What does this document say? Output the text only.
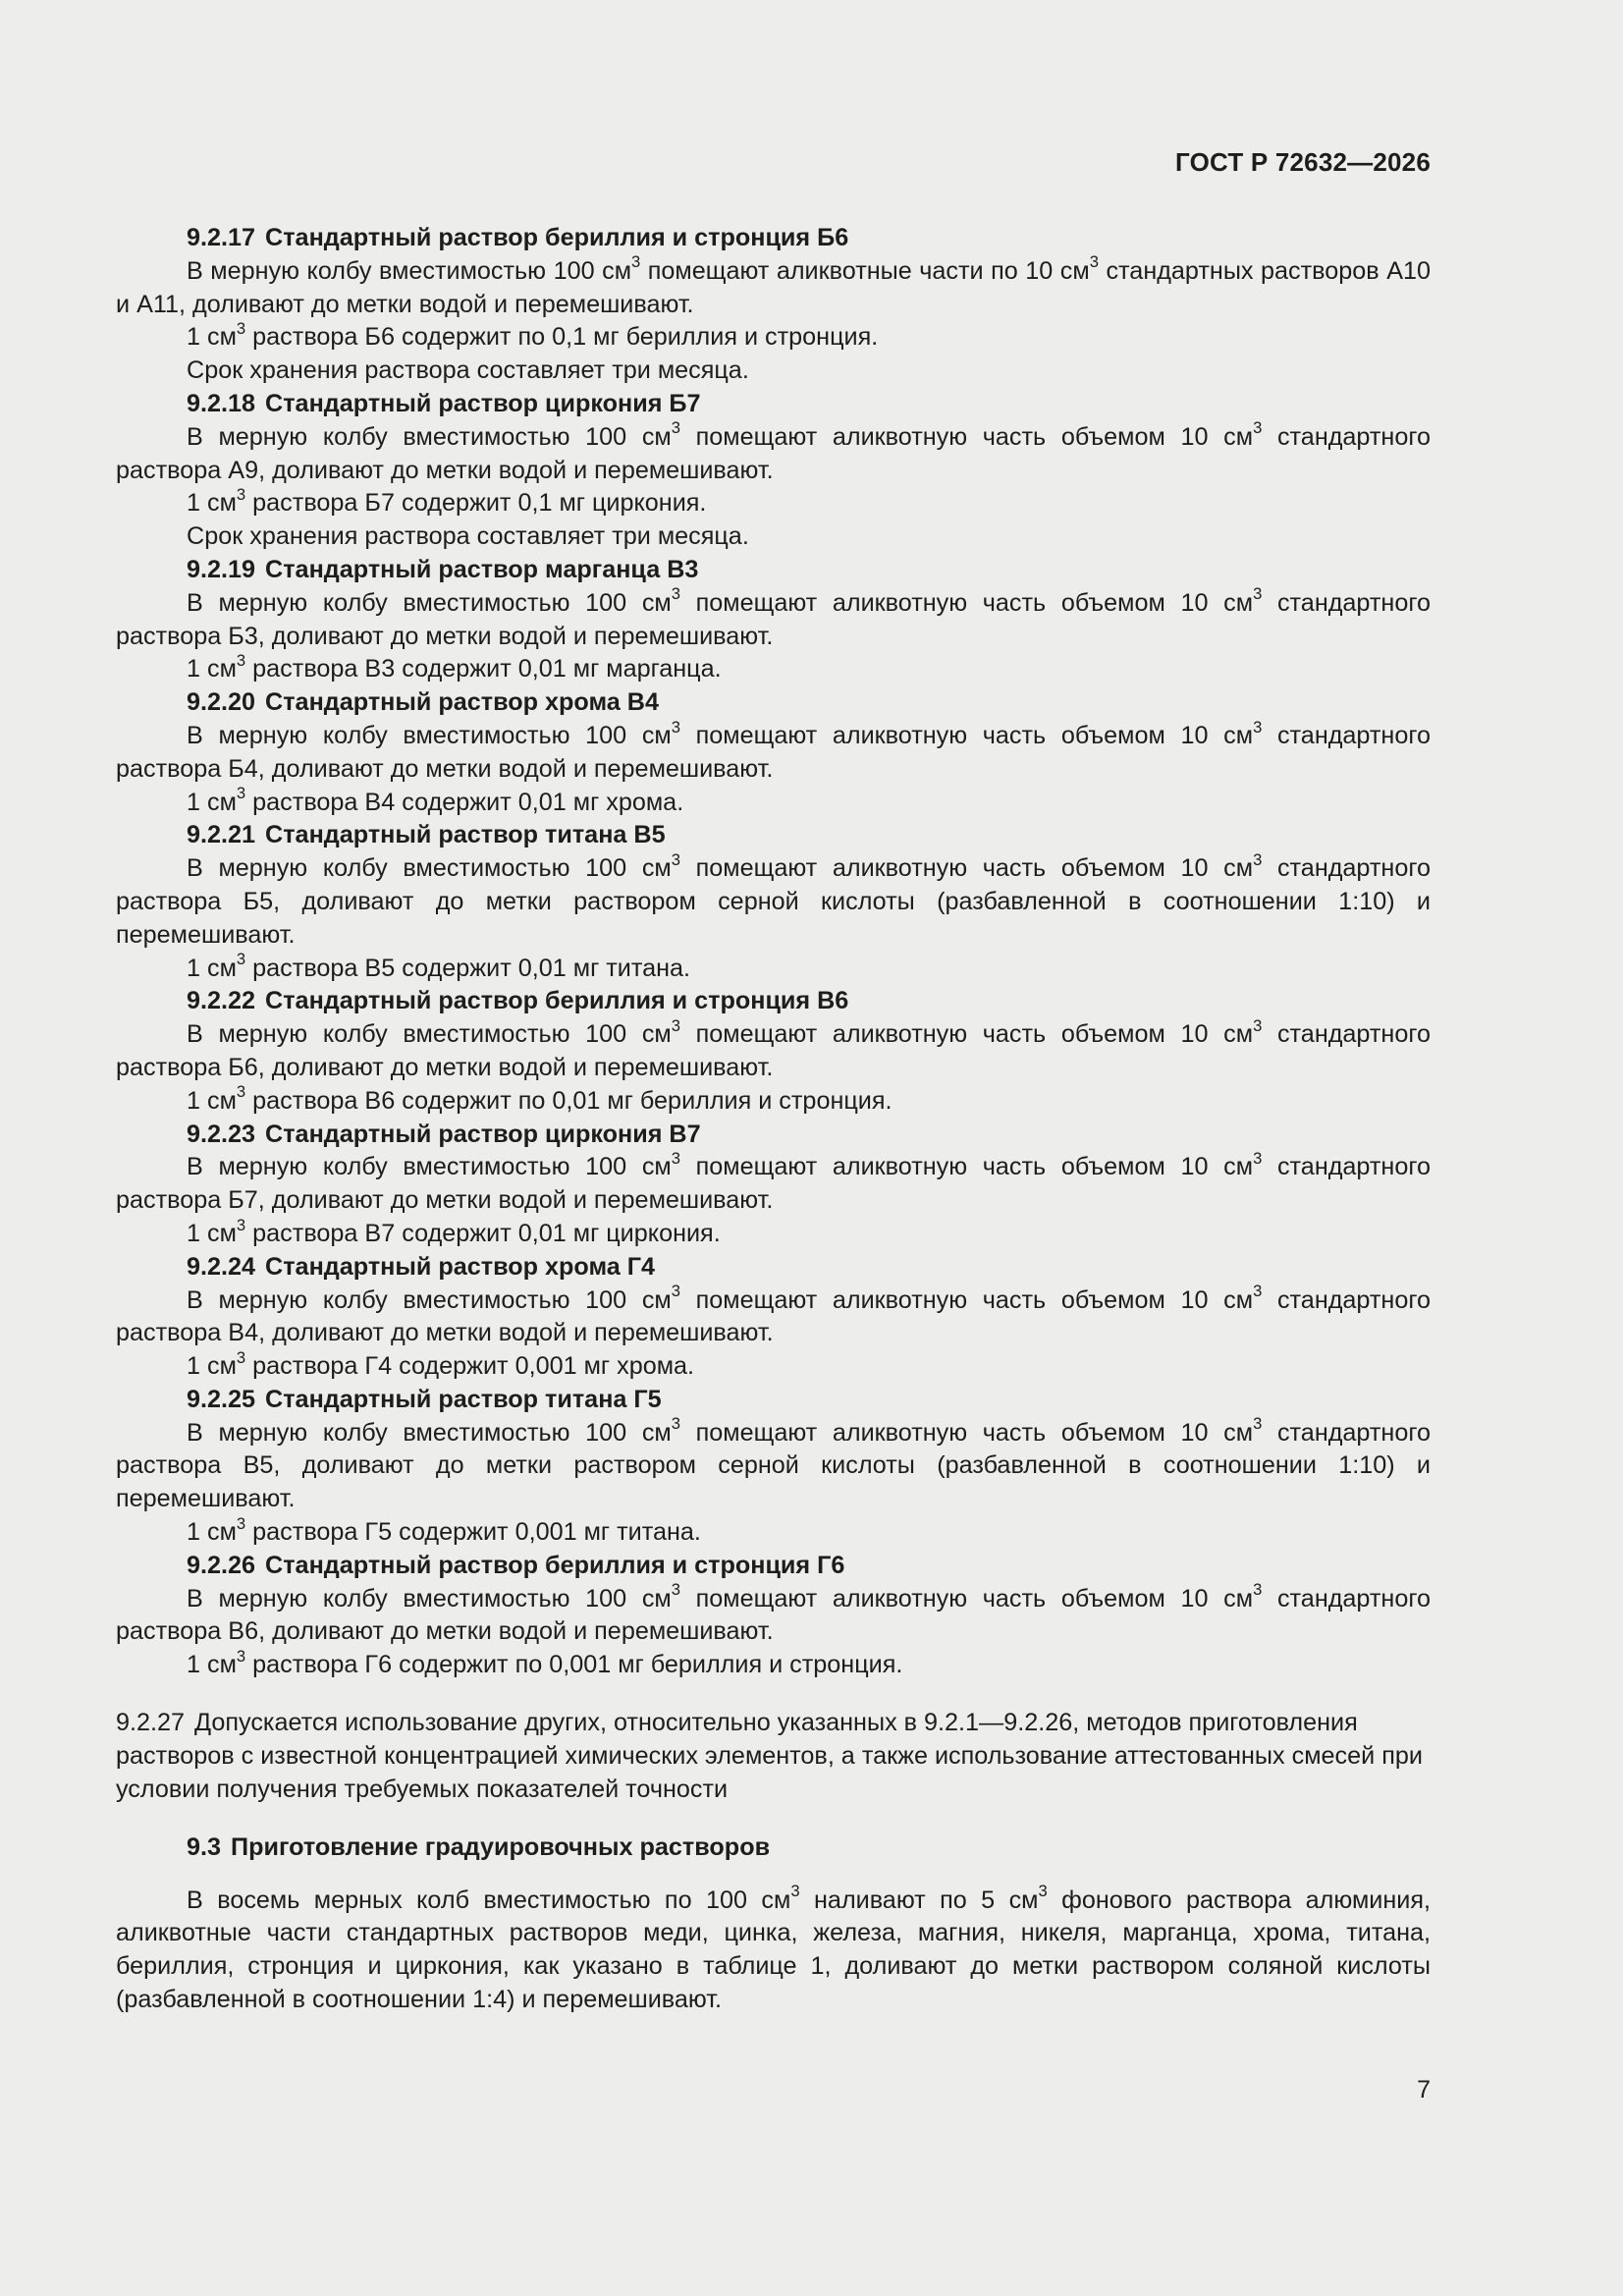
ГОСТ Р 72632—2026

9.2.17 Стандартный раствор бериллия и стронция Б6

В мерную колбу вместимостью 100 $см^3$ помещают аликвотные части по 10 $см^3$ стандартных растворов А10 и А11, доливают до метки водой и перемешивают.

1 $см^3$ раствора Б6 содержит по 0,1 мг бериллия и стронция.

Срок хранения раствора составляет три месяца.

9.2.18 Стандартный раствор циркония Б7

В мерную колбу вместимостью 100 $см^3$ помещают аликвотную часть объемом 10 $см^3$ стандартного раствора А9, доливают до метки водой и перемешивают.

1 $см^3$ раствора Б7 содержит 0,1 мг циркония.

Срок хранения раствора составляет три месяца.

9.2.19 Стандартный раствор марганца В3

В мерную колбу вместимостью 100 $см^3$ помещают аликвотную часть объемом 10 $см^3$ стандартного раствора Б3, доливают до метки водой и перемешивают.

1 $см^3$ раствора В3 содержит 0,01 мг марганца.

9.2.20 Стандартный раствор хрома В4

В мерную колбу вместимостью 100 $см^3$ помещают аликвотную часть объемом 10 $см^3$ стандартного раствора Б4, доливают до метки водой и перемешивают.

1 $см^3$ раствора В4 содержит 0,01 мг хрома.

9.2.21 Стандартный раствор титана В5

В мерную колбу вместимостью 100 $см^3$ помещают аликвотную часть объемом 10 $см^3$ стандартного раствора Б5, доливают до метки раствором серной кислоты (разбавленной в соотношении 1:10) и перемешивают.

1 $см^3$ раствора В5 содержит 0,01 мг титана.

9.2.22 Стандартный раствор бериллия и стронция В6

В мерную колбу вместимостью 100 $см^3$ помещают аликвотную часть объемом 10 $см^3$ стандартного раствора Б6, доливают до метки водой и перемешивают.

1 $см^3$ раствора В6 содержит по 0,01 мг бериллия и стронция.

9.2.23 Стандартный раствор циркония В7

В мерную колбу вместимостью 100 $см^3$ помещают аликвотную часть объемом 10 $см^3$ стандартного раствора Б7, доливают до метки водой и перемешивают.

1 $см^3$ раствора В7 содержит 0,01 мг циркония.

9.2.24 Стандартный раствор хрома Г4

В мерную колбу вместимостью 100 $см^3$ помещают аликвотную часть объемом 10 $см^3$ стандартного раствора В4, доливают до метки водой и перемешивают.

1 $см^3$ раствора Г4 содержит 0,001 мг хрома.

9.2.25 Стандартный раствор титана Г5

В мерную колбу вместимостью 100 $см^3$ помещают аликвотную часть объемом 10 $см^3$ стандартного раствора В5, доливают до метки раствором серной кислоты (разбавленной в соотношении 1:10) и перемешивают.

1 $см^3$ раствора Г5 содержит 0,001 мг титана.

9.2.26 Стандартный раствор бериллия и стронция Г6

В мерную колбу вместимостью 100 $см^3$ помещают аликвотную часть объемом 10 $см^3$ стандартного раствора В6, доливают до метки водой и перемешивают.

1 $см^3$ раствора Г6 содержит по 0,001 мг бериллия и стронция.

9.2.27 Допускается использование других, относительно указанных в 9.2.1—9.2.26, методов приготовления растворов с известной концентрацией химических элементов, а также использование аттестованных смесей при условии получения требуемых показателей точности

9.3 Приготовление градуировочных растворов

В восемь мерных колб вместимостью по 100 $см^3$ наливают по 5 $см^3$ фонового раствора алюминия, аликвотные части стандартных растворов меди, цинка, железа, магния, никеля, марганца, хрома, титана, бериллия, стронция и циркония, как указано в таблице 1, доливают до метки раствором соляной кислоты (разбавленной в соотношении 1:4) и перемешивают.

7
